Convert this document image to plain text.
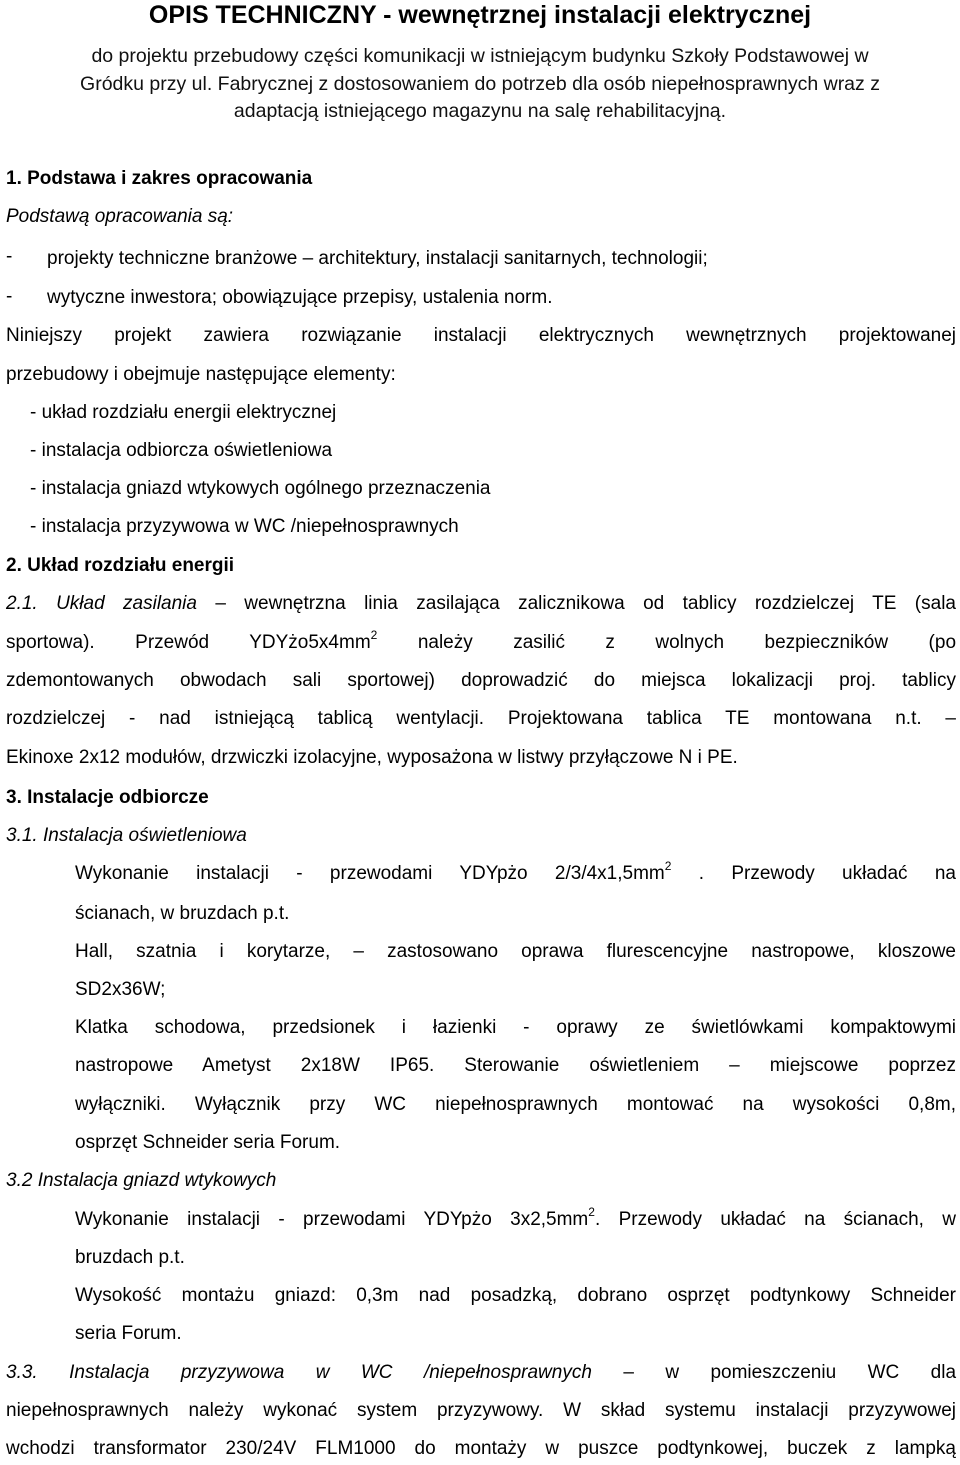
OPIS TECHNICZNY - wewnętrznej instalacji elektrycznej
do projektu przebudowy części komunikacji w istniejącym budynku Szkoły Podstawowej w
Gródku przy ul. Fabrycznej z dostosowaniem do potrzeb dla osób niepełnosprawnych wraz z
adaptacją istniejącego magazynu na salę rehabilitacyjną.
1. Podstawa i zakres opracowania
Podstawą opracowania są:
- projekty techniczne branżowe – architektury, instalacji sanitarnych, technologii;
- wytyczne inwestora; obowiązujące przepisy, ustalenia norm.
Niniejszy projekt zawiera rozwiązanie instalacji elektrycznych wewnętrznych projektowanej
przebudowy i obejmuje następujące elementy:
- układ rozdziału energii elektrycznej
- instalacja odbiorcza oświetleniowa
- instalacja gniazd wtykowych ogólnego przeznaczenia
- instalacja przyzywowa w WC /niepełnosprawnych
2. Układ rozdziału energii
2.1. Układ zasilania – wewnętrzna linia zasilająca zalicznikowa od tablicy rozdzielczej TE (sala
sportowa). Przewód $YDYżo5x4mm^2$ należy zasilić z wolnych bezpieczników (po
zdemontowanych obwodach sali sportowej) doprowadzić do miejsca lokalizacji proj. tablicy
rozdzielczej - nad istniejącą tablicą wentylacji. Projektowana tablica TE montowana n.t. –
Ekinoxe 2x12 modułów, drzwiczki izolacyjne, wyposażona w listwy przyłączowe N i PE.
3. Instalacje odbiorcze
3.1. Instalacja oświetleniowa
Wykonanie instalacji - przewodami YDYpżo $2/3/4x1,5mm^2$ . Przewody układać na
ścianach, w bruzdach p.t.
Hall, szatnia i korytarze, – zastosowano oprawa flurescencyjne nastropowe, kloszowe
SD2x36W;
Klatka schodowa, przedsionek i łazienki - oprawy ze świetlówkami kompaktowymi
nastropowe Ametyst 2x18W IP65. Sterowanie oświetleniem – miejscowe poprzez
wyłączniki. Wyłącznik przy WC niepełnosprawnych montować na wysokości 0,8m,
osprzęt Schneider seria Forum.
3.2 Instalacja gniazd wtykowych
Wykonanie instalacji - przewodami YDYpżo $3x2,5mm^2$. Przewody układać na ścianach, w
bruzdach p.t.
Wysokość montażu gniazd: 0,3m nad posadzką, dobrano osprzęt podtynkowy Schneider
seria Forum.
3.3. Instalacja przyzywowa w WC /niepełnosprawnych – w pomieszczeniu WC dla
niepełnosprawnych należy wykonać system przyzywowy. W skład systemu instalacji przyzywowej
wchodzi transformator 230/24V FLM1000 do montaży w puszce podtynkowej, buczek z lampką
